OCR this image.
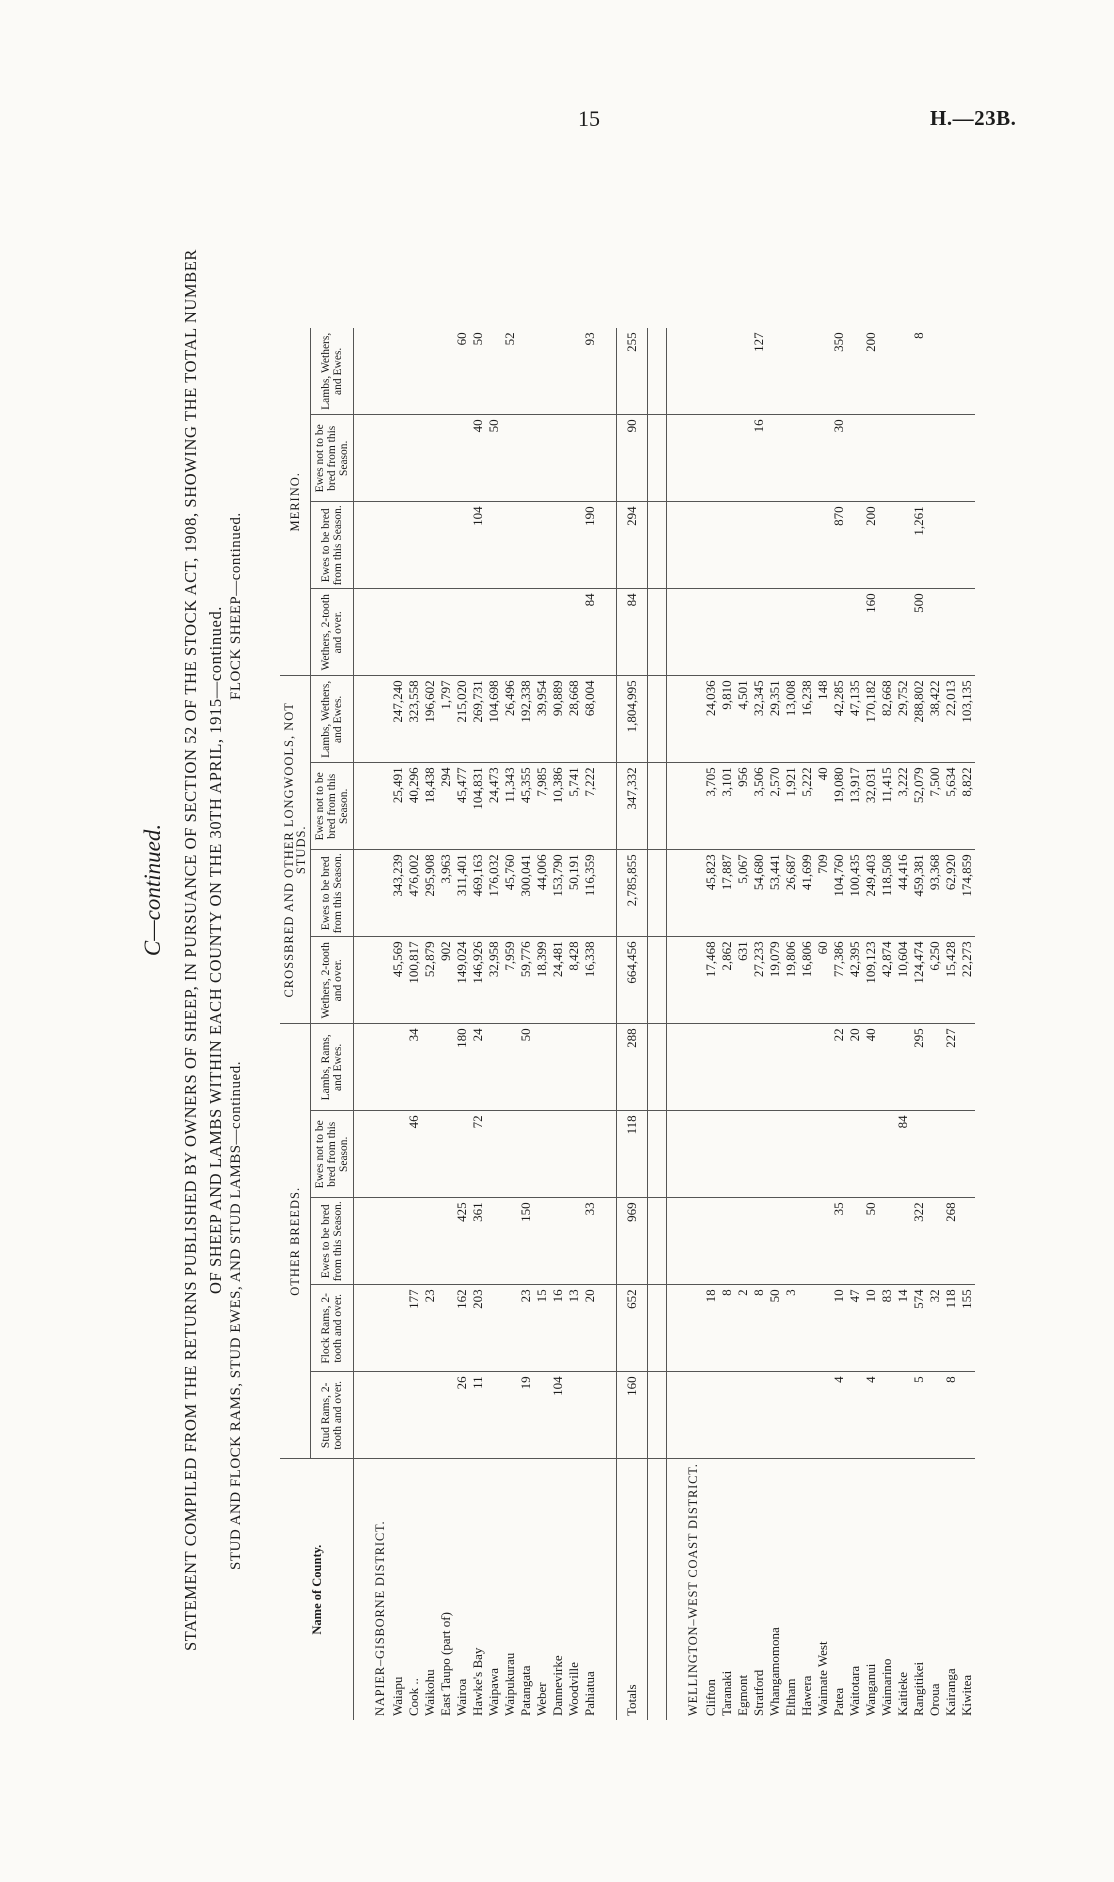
15	H.—23B.
C—continued. STATEMENT COMPILED FROM THE RETURNS PUBLISHED BY OWNERS OF SHEEP, IN PURSUANCE OF SECTION 52 OF THE STOCK ACT, 1908, SHOWING THE TOTAL NUMBER OF SHEEP AND LAMBS WITHIN EACH COUNTY ON THE 30TH APRIL, 1915—continued.
STUD AND FLOCK RAMS, STUD EWES, AND STUD LAMBS—continued.
FLOCK SHEEP—continued.
Name of County.	OTHER BREEDS.					CROSSBRED AND OTHER LONGWOOLS, NOT STUDS.				MERINO.			
	Stud Rams, 2-tooth and over.	Flock Rams, 2-tooth and over.	Ewes to be bred from this Season.	Ewes not to be bred from this Season.	Lambs, Rams, and Ewes.	Wethers, 2-tooth and over.	Ewes to be bred from this Season.	Ewes not to be bred from this Season.	Lambs, Wethers, and Ewes.	Wethers, 2-tooth and over.	Ewes to be bred from this Season.	Ewes not to be bred from this Season.	Lambs, Wethers, and Ewes.
NAPIER–GISBORNE DISTRICT.													
Waiapu						45,569	343,239	25,491	247,240				
Cook ..		177		46	34	100,817	476,002	40,296	323,558				
Waikohu		23				52,879	295,908	18,438	196,602				
East Taupo (part of)						902	3,963	294	1,797				
Wairoa	26	162	425		180	149,024	311,401	45,477	215,020				60
Hawke's Bay	11	203	361	72	24	146,926	469,163	104,831	269,731		104	40	50
Waipawa						32,958	176,032	24,473	104,698			50	
Waipukurau						7,959	45,760	11,343	26,496				52
Patangata	19	23	150		50	59,776	300,041	45,355	192,338				
Weber		15				18,399	44,006	7,985	39,954				
Dannevirke	104	16				24,481	153,790	10,386	90,889				
Woodville		13				8,428	50,191	5,741	28,668				
Pahiatua		20	33			16,338	116,359	7,222	68,004	84	190		93

Totals	160	652	969	118	288	664,456	2,785,855	347,332	1,804,995	84	294	90	255

WELLINGTON–WEST COAST DISTRICT.													
Clifton		18				17,468	45,823	3,705	24,036				
Taranaki		8				2,862	17,887	3,101	9,810				
Egmont		2				631	5,067	956	4,501				
Stratford		8				27,233	54,680	3,506	32,345			16	127
Whangamomona		50				19,079	53,441	2,570	29,351				
Eltham		3				19,806	26,687	1,921	13,008				
Hawera						16,806	41,699	5,222	16,238				
Waimate West						60	709	40	148				
Patea	4	10	35		22	77,386	104,760	19,080	42,285		870	30	350
Waitotara		47			20	42,395	100,435	13,917	47,135				
Wanganui	4	10	50		40	109,123	249,403	32,031	170,182	160	200		200
Waimarino		83				42,874	118,508	11,415	82,668				
Kaitieke		14		84		10,604	44,416	3,222	29,752				
Rangitikei	5	574	322		295	124,474	459,381	52,079	288,802	500	1,261		8
Oroua		32				6,250	93,368	7,500	38,422				
Kairanga	8	118	268		227	15,428	62,920	5,634	22,013				
Kiwitea		155				22,273	174,859	8,822	103,135				
